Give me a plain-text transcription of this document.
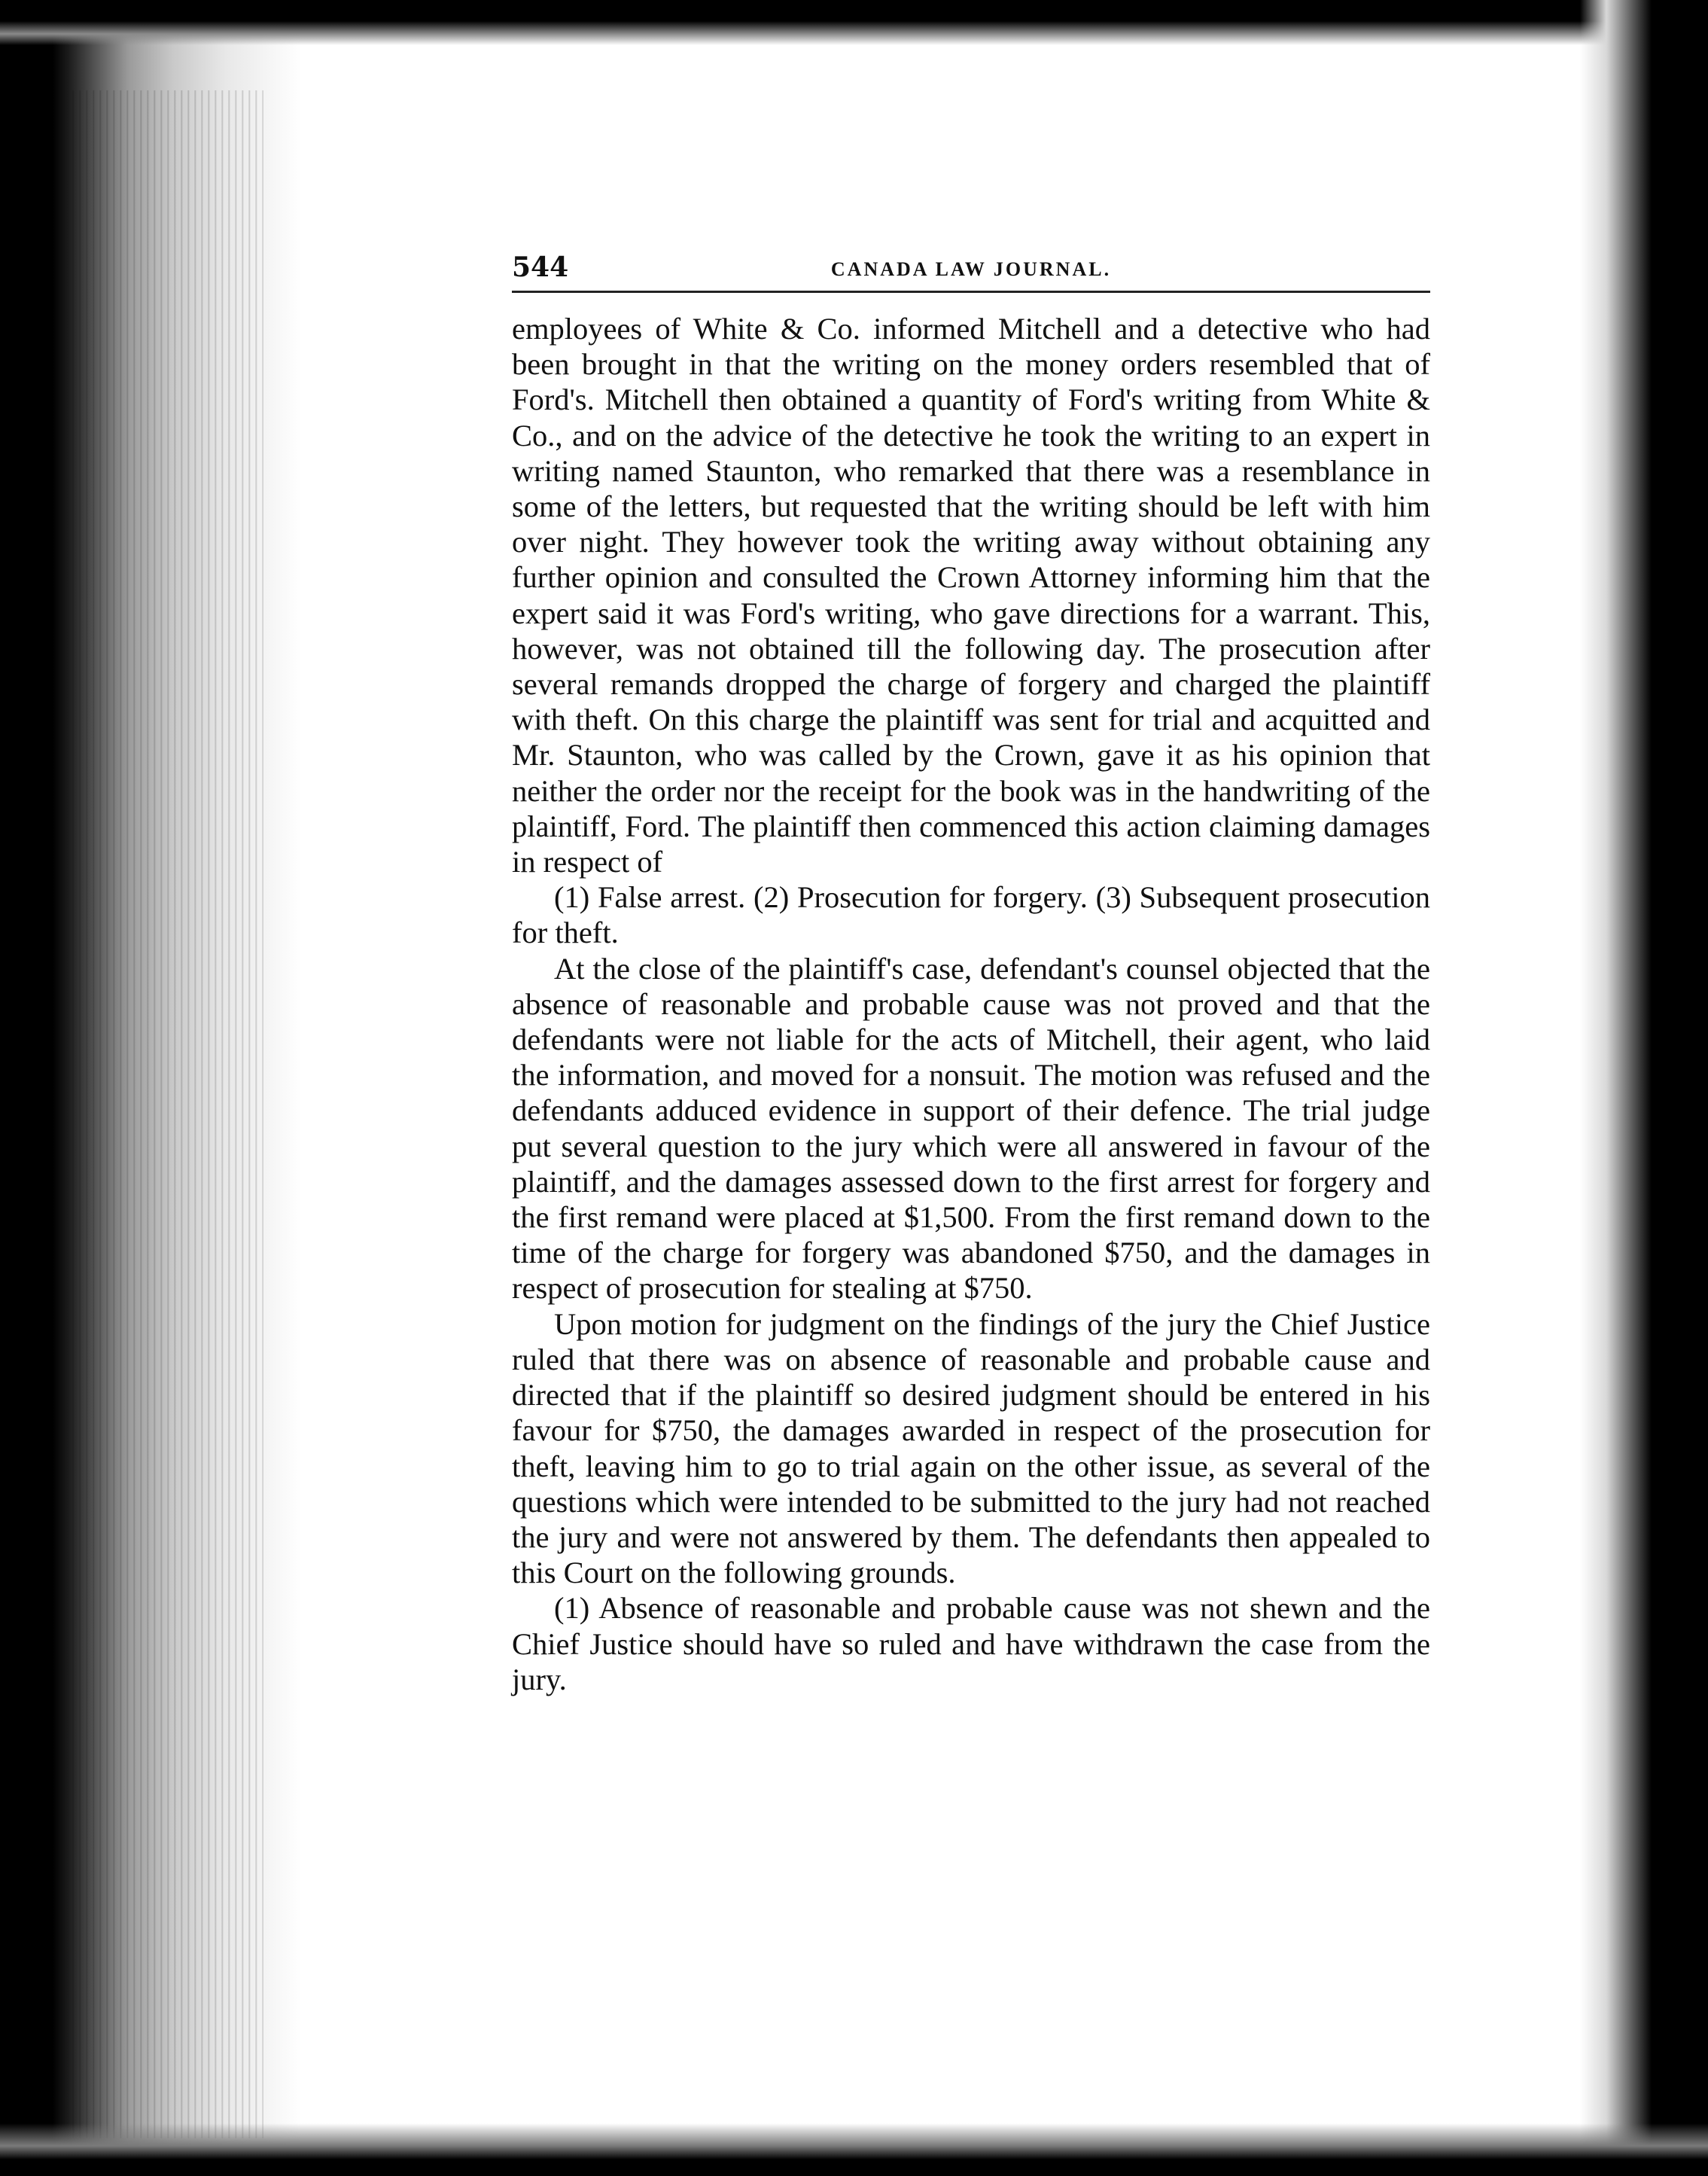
544	CANADA LAW JOURNAL.

employees of White & Co. informed Mitchell and a detective who had been brought in that the writing on the money orders resembled that of Ford's. Mitchell then obtained a quantity of Ford's writing from White & Co., and on the advice of the detective he took the writing to an expert in writing named Staunton, who remarked that there was a resemblance in some of the letters, but requested that the writing should be left with him over night. They however took the writing away without obtaining any further opinion and consulted the Crown Attorney informing him that the expert said it was Ford's writing, who gave directions for a warrant. This, however, was not obtained till the following day. The prosecution after several remands dropped the charge of forgery and charged the plaintiff with theft. On this charge the plaintiff was sent for trial and acquitted and Mr. Staunton, who was called by the Crown, gave it as his opinion that neither the order nor the receipt for the book was in the handwriting of the plaintiff, Ford. The plaintiff then commenced this action claiming damages in respect of

(1) False arrest. (2) Prosecution for forgery. (3) Subsequent prosecution for theft.

At the close of the plaintiff's case, defendant's counsel objected that the absence of reasonable and probable cause was not proved and that the defendants were not liable for the acts of Mitchell, their agent, who laid the information, and moved for a nonsuit. The motion was refused and the defendants adduced evidence in support of their defence. The trial judge put several question to the jury which were all answered in favour of the plaintiff, and the damages assessed down to the first arrest for forgery and the first remand were placed at $1,500. From the first remand down to the time of the charge for forgery was abandoned $750, and the damages in respect of prosecution for stealing at $750.

Upon motion for judgment on the findings of the jury the Chief Justice ruled that there was on absence of reasonable and probable cause and directed that if the plaintiff so desired judgment should be entered in his favour for $750, the damages awarded in respect of the prosecution for theft, leaving him to go to trial again on the other issue, as several of the questions which were intended to be submitted to the jury had not reached the jury and were not answered by them. The defendants then appealed to this Court on the following grounds.

(1) Absence of reasonable and probable cause was not shewn and the Chief Justice should have so ruled and have withdrawn the case from the jury.
